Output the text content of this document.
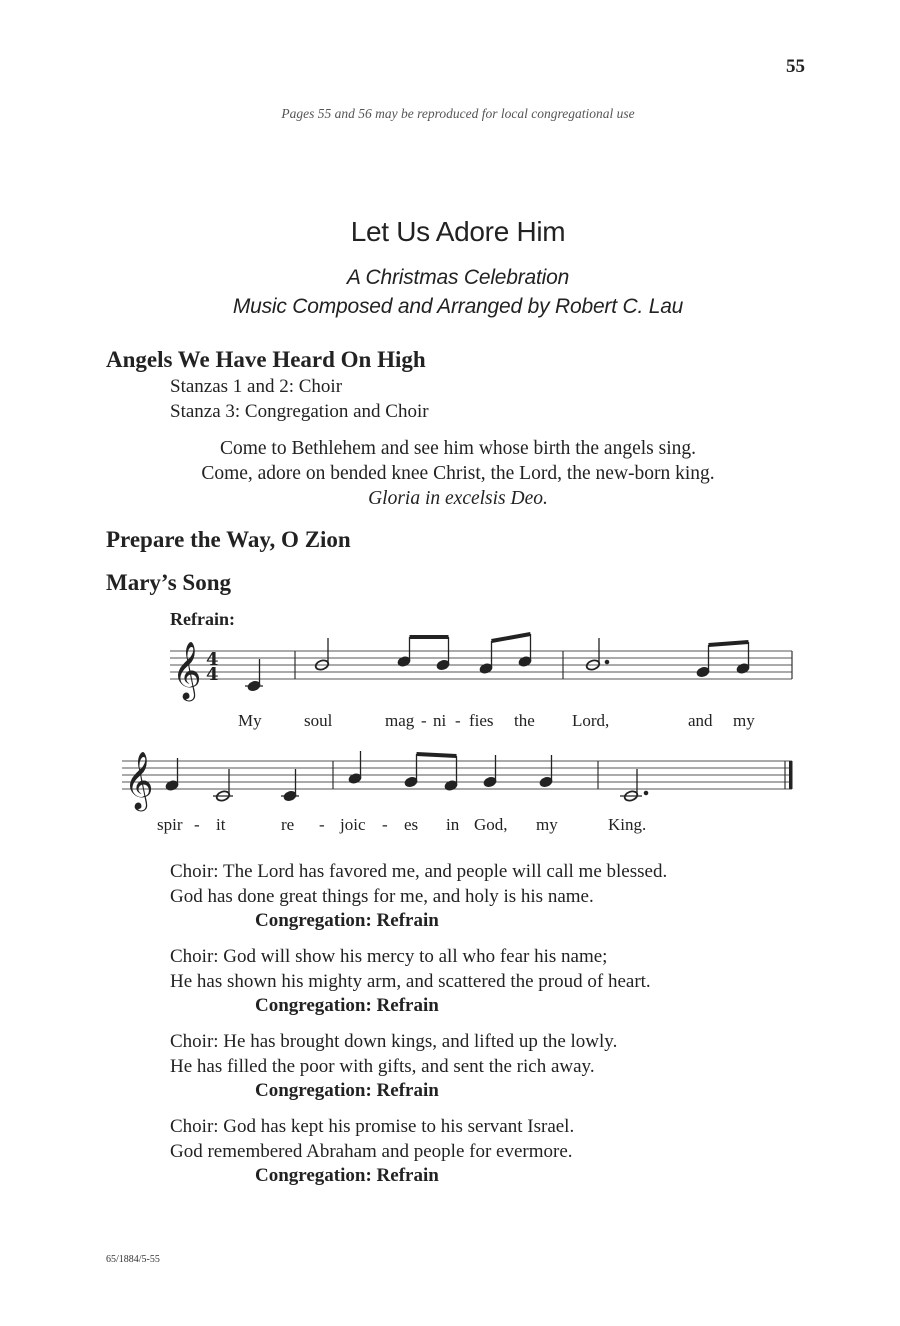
55
Pages 55 and 56 may be reproduced for local congregational use
Let Us Adore Him
A Christmas Celebration
Music Composed and Arranged by Robert C. Lau
Angels We Have Heard On High
Stanzas 1 and 2: Choir
Stanza 3: Congregation and Choir
Come to Bethlehem and see him whose birth the angels sing.
Come, adore on bended knee Christ, the Lord, the new-born king.
Gloria in excelsis Deo.
Prepare the Way, O Zion
Mary’s Song
Refrain:
𝄞 4
4
𝄞
My soul	mag - ni - fies the Lord,	and my
spir - it	re - joic - es in God, my	King.
Choir: The Lord has favored me, and people will call me blessed.
God has done great things for me, and holy is his name.
Congregation: Refrain
Choir: God will show his mercy to all who fear his name;
He has shown his mighty arm, and scattered the proud of heart.
Congregation: Refrain
Choir: He has brought down kings, and lifted up the lowly.
He has filled the poor with gifts, and sent the rich away.
Congregation: Refrain
Choir: God has kept his promise to his servant Israel.
God remembered Abraham and people for evermore.
Congregation: Refrain
65/1884/5-55
